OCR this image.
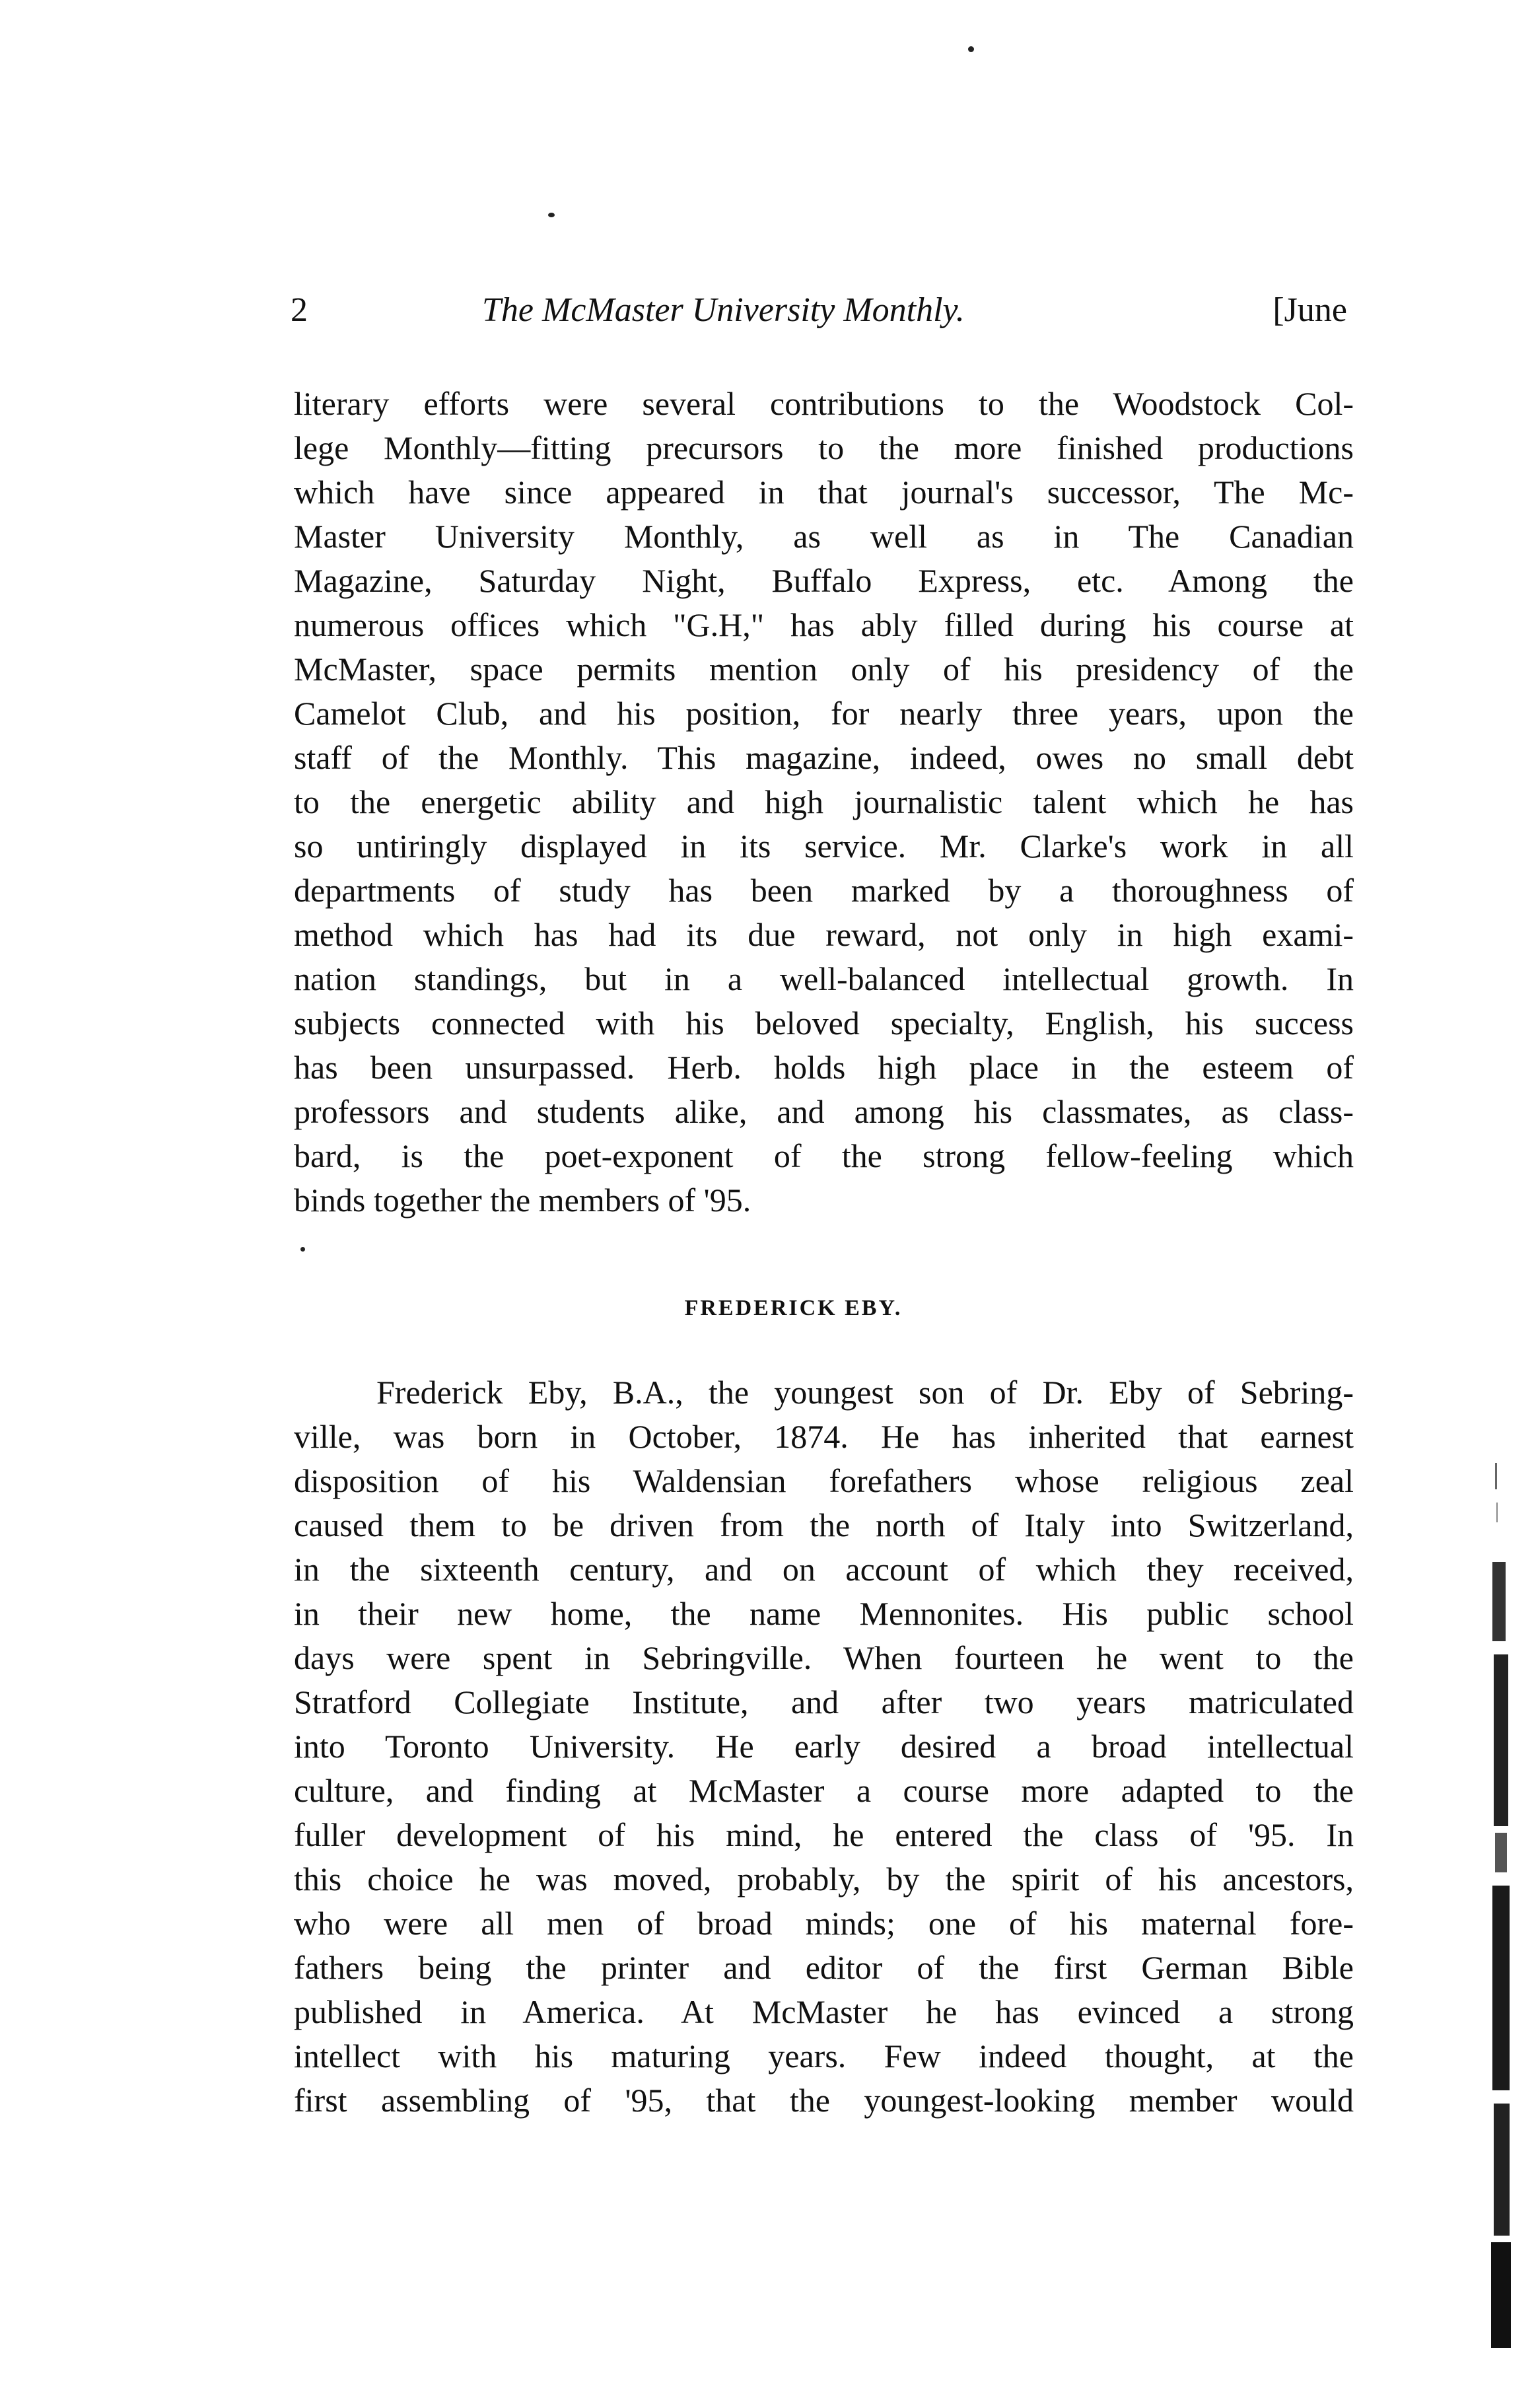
2	The McMaster University Monthly.	[June
literary efforts were several contributions to the Woodstock Col-
lege Monthly—fitting precursors to the more finished productions
which have since appeared in that journal's successor, The Mc-
Master University Monthly, as well as in The Canadian
Magazine, Saturday Night, Buffalo Express, etc. Among the
numerous offices which "G.H," has ably filled during his course at
McMaster, space permits mention only of his presidency of the
Camelot Club, and his position, for nearly three years, upon the
staff of the Monthly. This magazine, indeed, owes no small debt
to the energetic ability and high journalistic talent which he has
so untiringly displayed in its service. Mr. Clarke's work in all
departments of study has been marked by a thoroughness of
method which has had its due reward, not only in high exami-
nation standings, but in a well-balanced intellectual growth. In
subjects connected with his beloved specialty, English, his success
has been unsurpassed. Herb. holds high place in the esteem of
professors and students alike, and among his classmates, as class-
bard, is the poet-exponent of the strong fellow-feeling which
binds together the members of '95.
FREDERICK EBY.
Frederick Eby, B.A., the youngest son of Dr. Eby of Sebring-
ville, was born in October, 1874. He has inherited that earnest
disposition of his Waldensian forefathers whose religious zeal
caused them to be driven from the north of Italy into Switzerland,
in the sixteenth century, and on account of which they received,
in their new home, the name Mennonites. His public school
days were spent in Sebringville. When fourteen he went to the
Stratford Collegiate Institute, and after two years matriculated
into Toronto University. He early desired a broad intellectual
culture, and finding at McMaster a course more adapted to the
fuller development of his mind, he entered the class of '95. In
this choice he was moved, probably, by the spirit of his ancestors,
who were all men of broad minds; one of his maternal fore-
fathers being the printer and editor of the first German Bible
published in America. At McMaster he has evinced a strong
intellect with his maturing years. Few indeed thought, at the
first assembling of '95, that the youngest-looking member would
